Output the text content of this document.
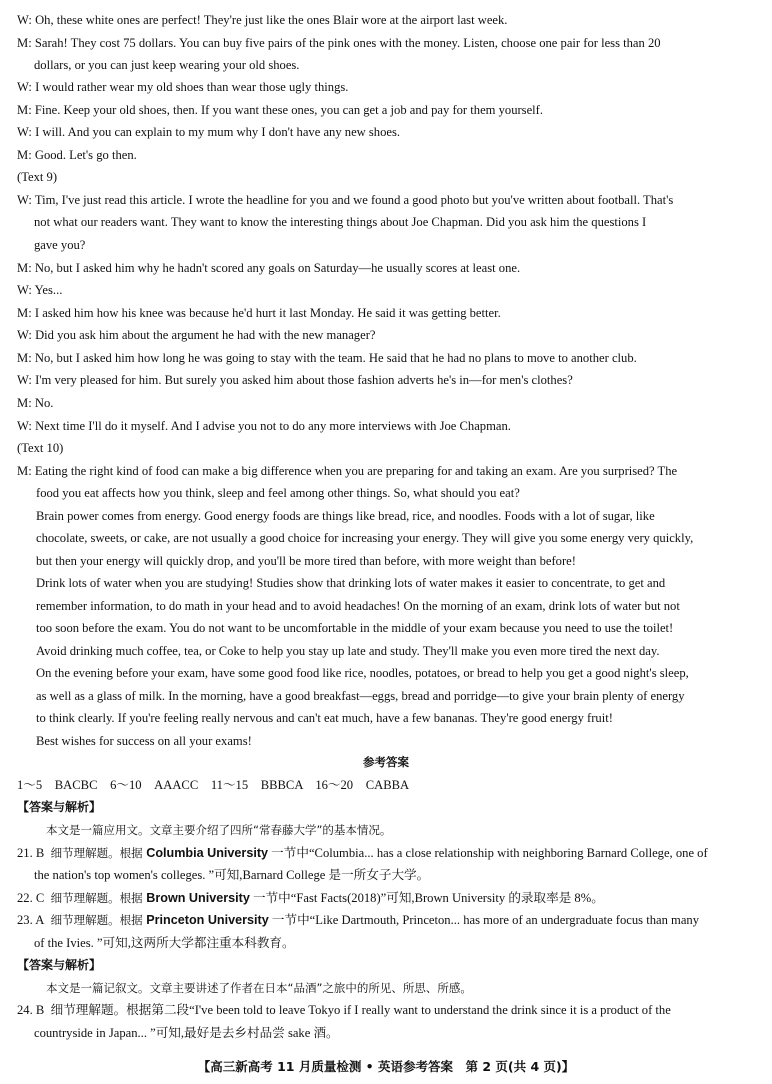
W: Oh, these white ones are perfect! They're just like the ones Blair wore at the airport last week.
M: Sarah! They cost 75 dollars. You can buy five pairs of the pink ones with the money. Listen, choose one pair for less than 20
dollars, or you can just keep wearing your old shoes.
W: I would rather wear my old shoes than wear those ugly things.
M: Fine. Keep your old shoes, then. If you want these ones, you can get a job and pay for them yourself.
W: I will. And you can explain to my mum why I don't have any new shoes.
M: Good. Let's go then.
(Text 9)
W: Tim, I've just read this article. I wrote the headline for you and we found a good photo but you've written about football. That's
not what our readers want. They want to know the interesting things about Joe Chapman. Did you ask him the questions I
gave you?
M: No, but I asked him why he hadn't scored any goals on Saturday—he usually scores at least one.
W: Yes...
M: I asked him how his knee was because he'd hurt it last Monday. He said it was getting better.
W: Did you ask him about the argument he had with the new manager?
M: No, but I asked him how long he was going to stay with the team. He said that he had no plans to move to another club.
W: I'm very pleased for him. But surely you asked him about those fashion adverts he's in—for men's clothes?
M: No.
W: Next time I'll do it myself. And I advise you not to do any more interviews with Joe Chapman.
(Text 10)
M: Eating the right kind of food can make a big difference when you are preparing for and taking an exam. Are you surprised? The
food you eat affects how you think, sleep and feel among other things. So, what should you eat?
Brain power comes from energy. Good energy foods are things like bread, rice, and noodles. Foods with a lot of sugar, like
chocolate, sweets, or cake, are not usually a good choice for increasing your energy. They will give you some energy very quickly,
but then your energy will quickly drop, and you'll be more tired than before, with more weight than before!
Drink lots of water when you are studying! Studies show that drinking lots of water makes it easier to concentrate, to get and
remember information, to do math in your head and to avoid headaches! On the morning of an exam, drink lots of water but not
too soon before the exam. You do not want to be uncomfortable in the middle of your exam because you need to use the toilet!
Avoid drinking much coffee, tea, or Coke to help you stay up late and study. They'll make you even more tired the next day.
On the evening before your exam, have some good food like rice, noodles, potatoes, or bread to help you get a good night's sleep,
as well as a glass of milk. In the morning, have a good breakfast—eggs, bread and porridge—to give your brain plenty of energy
to think clearly. If you're feeling really nervous and can't eat much, have a few bananas. They're good energy fruit!
Best wishes for success on all your exams!
参考答案
1～5　BACBC　6～10　AAACC　11～15　BBBCA　16～20　CABBA
【答案与解析】
本文是一篇应用文。文章主要介绍了四所“常春藤大学”的基本情况。
21. B 细节理解题。根据 Columbia University 一节中“Columbia... has a close relationship with neighboring Barnard College, one of
the nation's top women's colleges. ”可知,Barnard College 是一所女子大学。
22. C 细节理解题。根据 Brown University 一节中“Fast Facts(2018)”可知,Brown University 的录取率是 8%。
23. A 细节理解题。根据 Princeton University 一节中“Like Dartmouth, Princeton... has more of an undergraduate focus than many
of the Ivies. ”可知,这两所大学都注重本科教育。
【答案与解析】
本文是一篇记叙文。文章主要讲述了作者在日本“品酒”之旅中的所见、所思、所感。
24. B 细节理解题。根据第二段“I've been told to leave Tokyo if I really want to understand the drink since it is a product of the
countryside in Japan... ”可知,最好是去乡村品尝 sake 酒。
【高三新高考 11 月质量检测 • 英语参考答案　第 2 页(共 4 页)】
